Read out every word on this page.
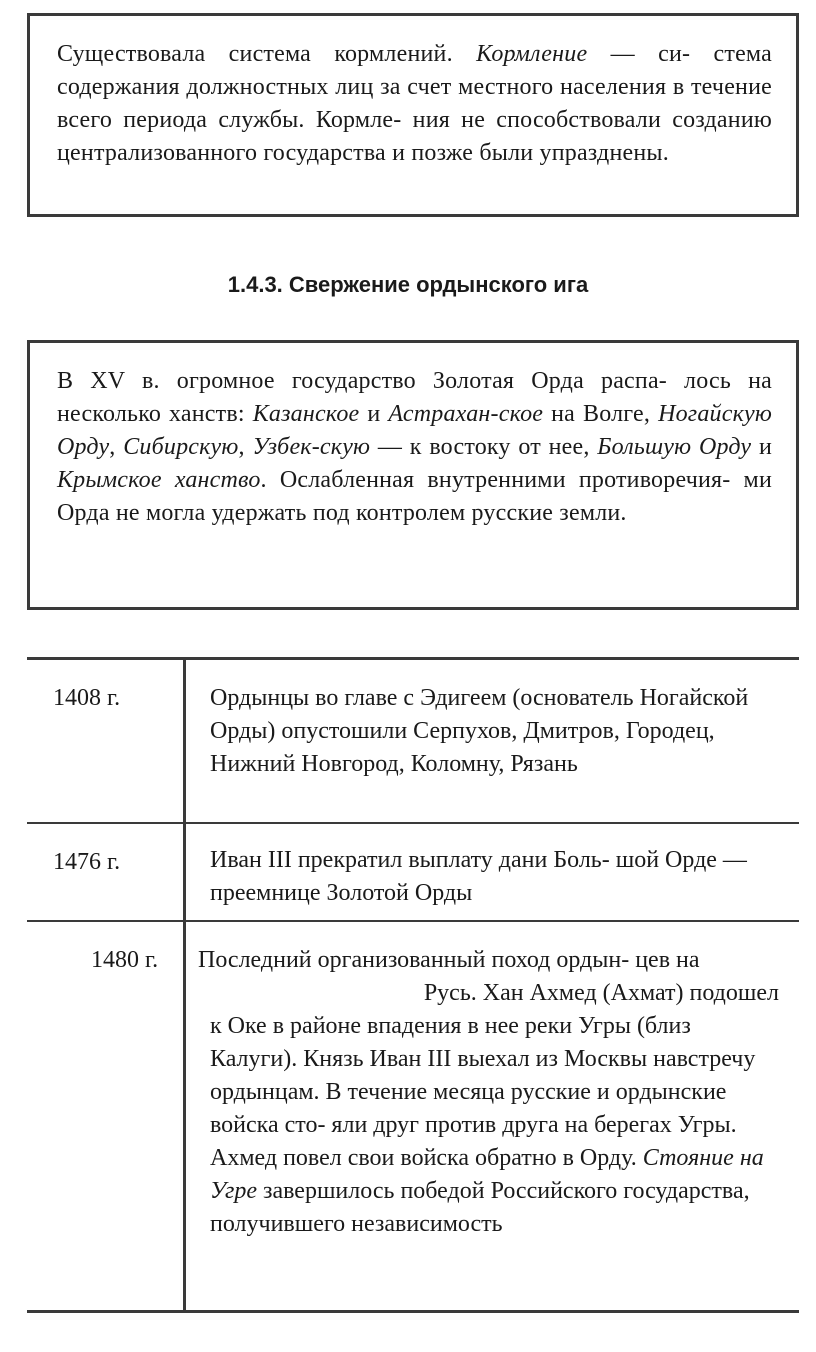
Существовала система кормлений. Кормление — си- стема содержания должностных лиц за счет местного населения в течение всего периода службы. Кормле- ния не способствовали созданию централизованного государства и позже были упразднены.

1.4.3. Свержение ордынского ига

В XV в. огромное государство Золотая Орда распа- лось на несколько ханств: Казанское и Астрахан-ское на Волге, Ногайскую Орду, Сибирскую, Узбек-скую — к востоку от нее, Большую Орду и Крымское ханство. Ослабленная внутренними противоречия- ми Орда не могла удержать под контролем русские земли.

1408 г.	Ордынцы во главе с Эдигеем (основатель Ногайской Орды) опустошили Серпухов, Дмитров, Городец, Нижний Новгород, Коломну, Рязань

1476 г.	Иван III прекратил выплату дани Боль- шой Орде — преемнице Золотой Орды

1480 г.	Последний организованный поход ордын- цев на

Русь. Хан Ахмед (Ахмат) подошел

к Оке в районе впадения в нее реки Угры (близ Калуги). Князь Иван III выехал из Москвы навстречу ордынцам. В течение месяца русские и ордынские войска сто- яли друг против друга на берегах Угры. Ахмед повел свои войска обратно в Орду. Стояние на Угре завершилось победой Российского государства, получившего независимость
